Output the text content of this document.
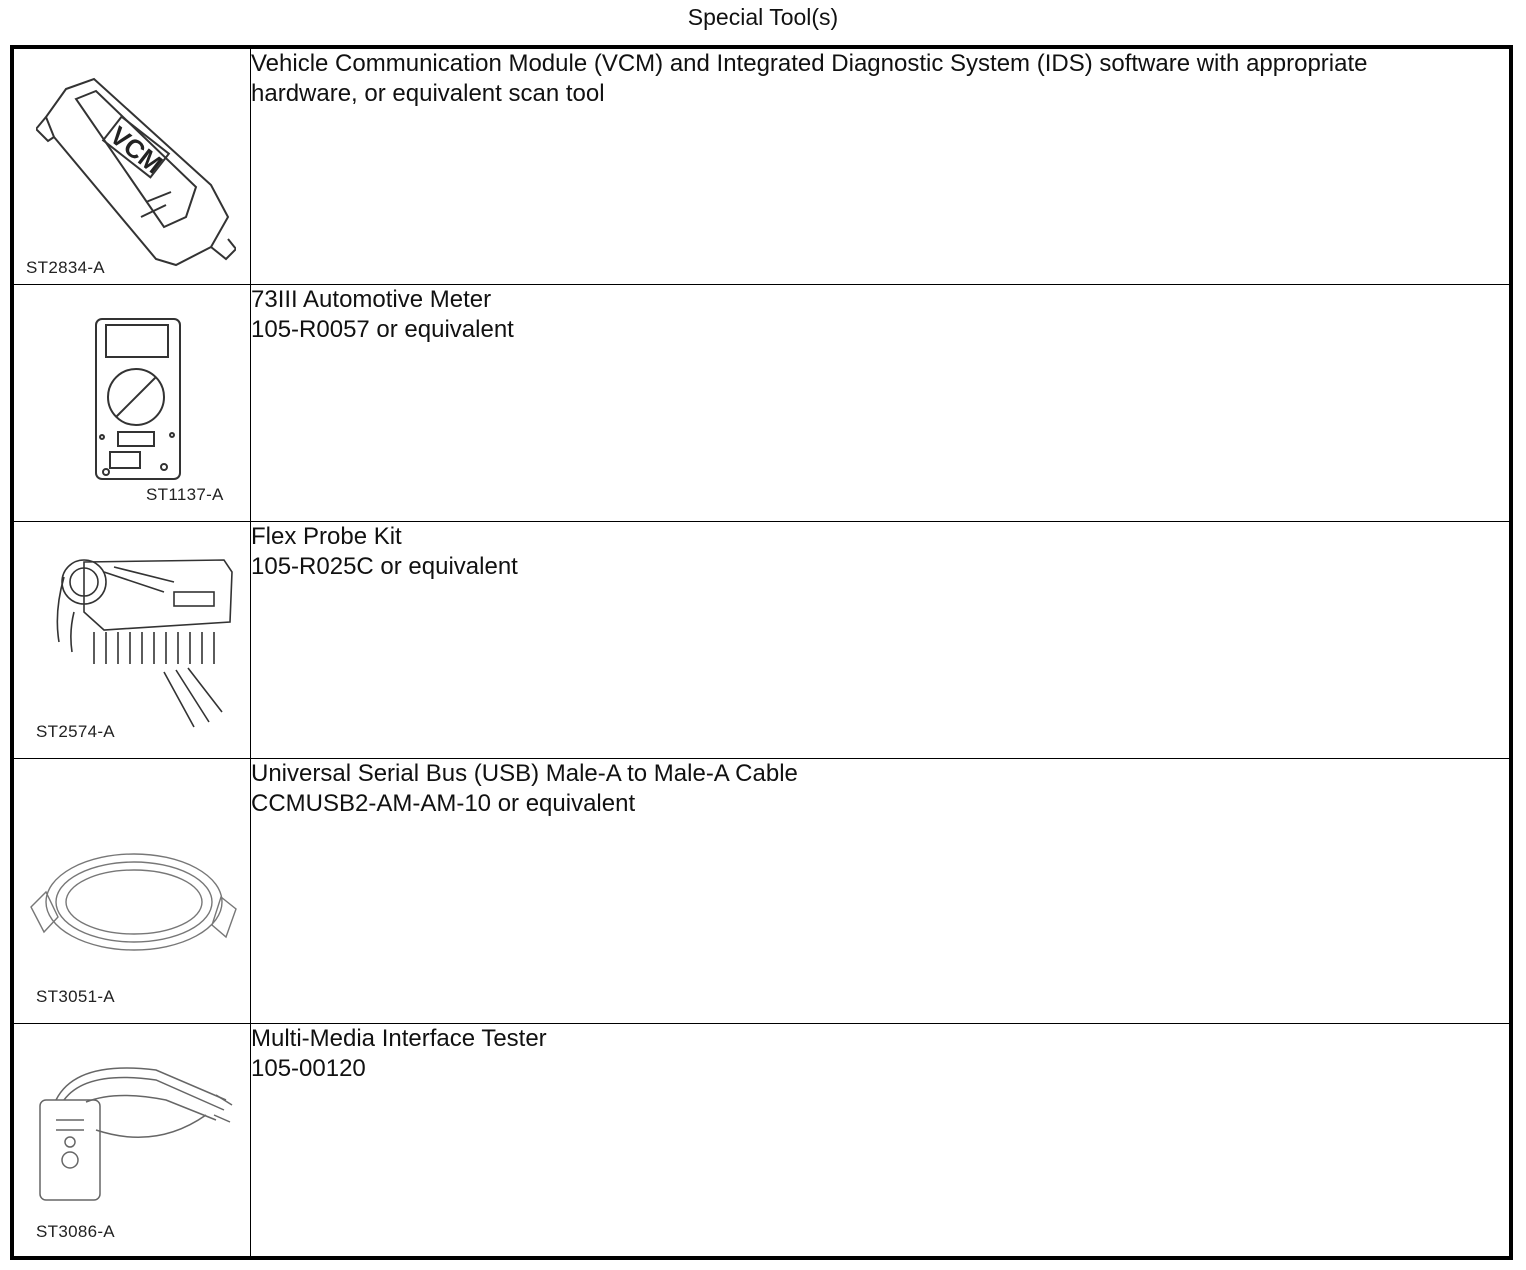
Special Tool(s)
VCM
ST2834-A	Vehicle Communication Module (VCM) and Integrated Diagnostic System (IDS) software with appropriate
hardware, or equivalent scan tool

ST1137-A	73III Automotive Meter
105-R0057 or equivalent

ST2574-A	Flex Probe Kit
105-R025C or equivalent

ST3051-A	Universal Serial Bus (USB) Male-A to Male-A Cable
CCMUSB2-AM-AM-10 or equivalent

ST3086-A	Multi-Media Interface Tester
105-00120
